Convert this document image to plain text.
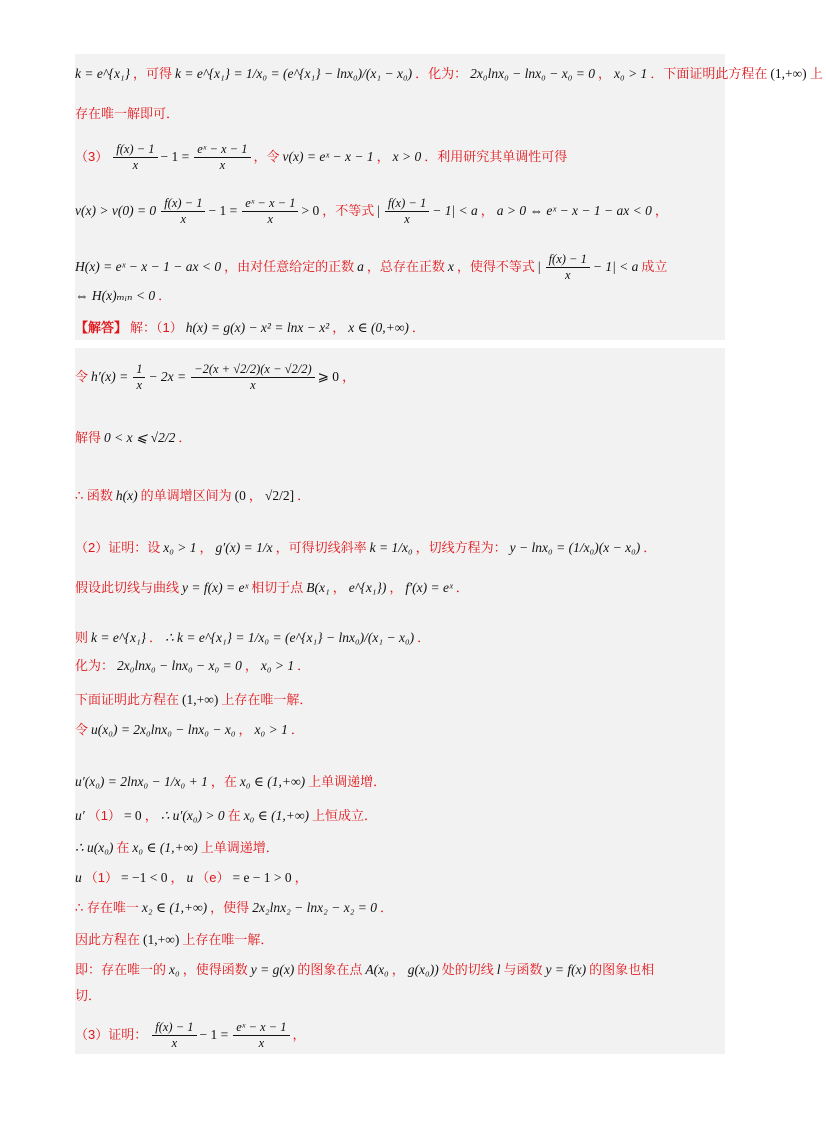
k = e^{x₁} ，可得 k = e^{x₁} = 1/x₀ = (e^{x₁} − lnx₀)/(x₁ − x₀) ．化为： 2x₀lnx₀ − lnx₀ − x₀ = 0 ， x₀ > 1 ．下面证明此方程在 (1,+∞) 上
存在唯一解即可．
$(3) \frac{f(x) - 1}{x} - 1 = \frac{\text{eˣ − x − 1}}{x}$ ，令 v(x) = eˣ − x − 1 ， x > 0 ．利用研究其单调性可得
$v(x) > v(0) = 0 \frac{f(x) - 1}{x} - 1 = \frac{\text{eˣ − x − 1}}{x} > 0$ ，不等式 | $\frac{f(x) - 1}{x} - 1| < a$ ， a > 0 ⇔ eˣ − x − 1 − ax < 0 ，
H(x) = eˣ − x − 1 − ax < 0 ，由对任意给定的正数 a ，总存在正数 x ，使得不等式 | $\frac{f(x) - 1}{x} - 1| < a$ 成立
⇔ H(x)ₘᵢₙ < 0 ．
【解答】 解：（1） h(x) = g(x) − x² = lnx − x² ， x ∈ (0,+∞) ．
令 $h'(x) = \frac{1}{x} - 2x = \frac{-2(x + √2/2)(x - √2/2)}{x}$ ⩾ 0 ，
解得 0 < x ⩽ √2/2 ．
∴ 函数 h(x) 的单调增区间为 (0 ， √2/2] ．
（2）证明：设 x₀ > 1 ， g′(x) = 1/x ，可得切线斜率 k = 1/x₀ ，切线方程为： y − lnx₀ = (1/x₀)(x − x₀) ．
假设此切线与曲线 y = f(x) = eˣ 相切于点 B(x₁ ， e^{x₁}) ， f′(x) = eˣ ．
则 k = e^{x₁} ． ∴ k = e^{x₁} = 1/x₀ = (e^{x₁} − lnx₀)/(x₁ − x₀) ．
化为： 2x₀lnx₀ − lnx₀ − x₀ = 0 ， x₀ > 1 ．
下面证明此方程在 (1,+∞) 上存在唯一解．
令 u(x₀) = 2x₀lnx₀ − lnx₀ − x₀ ， x₀ > 1 ．
u′(x₀) = 2lnx₀ − 1/x₀ + 1 ，在 x₀ ∈ (1,+∞) 上单调递增．
u′ （1） = 0 ， ∴ u′(x₀) > 0 在 x₀ ∈ (1,+∞) 上恒成立．
∴ u(x₀) 在 x₀ ∈ (1,+∞) 上单调递增．
u （1） = −1 < 0 ， u （e） = e − 1 > 0 ，
∴ 存在唯一 x₂ ∈ (1,+∞) ，使得 2x₂lnx₂ − lnx₂ − x₂ = 0 ．
因此方程在 (1,+∞) 上存在唯一解．
即：存在唯一的 x₀ ，使得函数 y = g(x) 的图象在点 A(x₀ ， g(x₀)) 处的切线 l 与函数 y = f(x) 的图象也相
切．
（3）证明： $\frac{f(x) - 1}{x} - 1 = \frac{\text{eˣ − x − 1}}{x}$ ，
